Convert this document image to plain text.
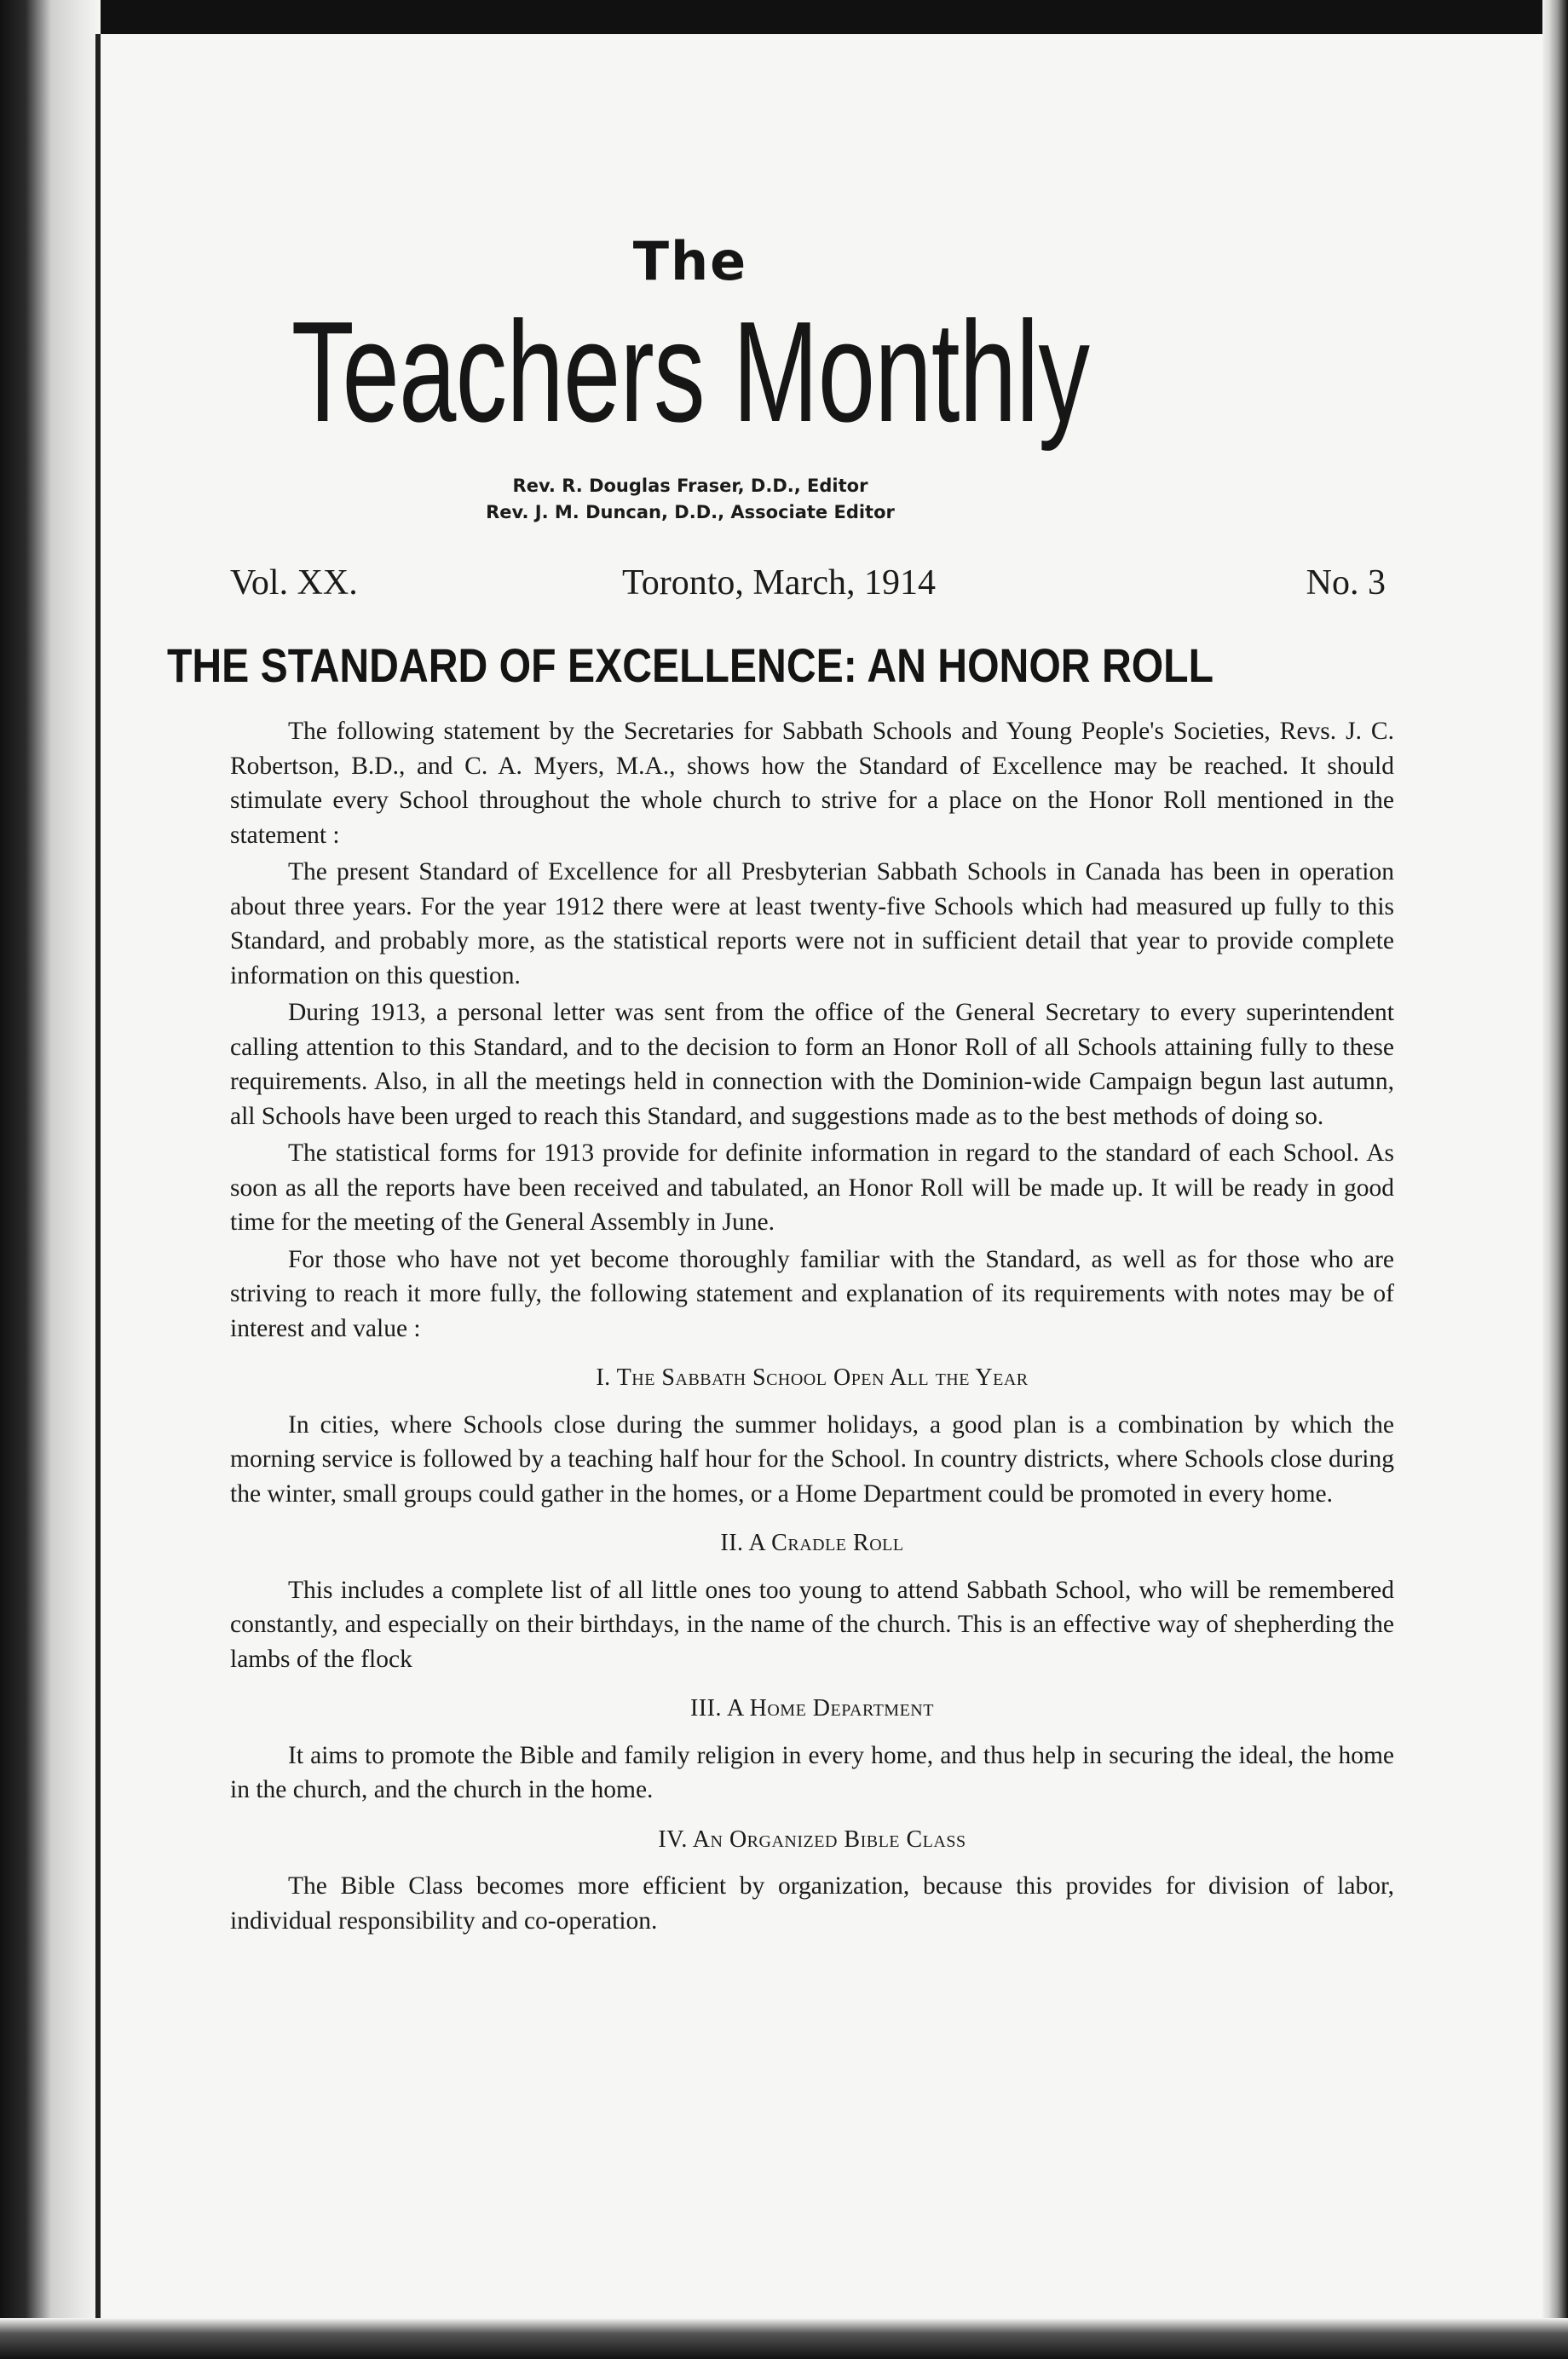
The
Teachers Monthly
Rev. R. Douglas Fraser, D.D., Editor
Rev. J. M. Duncan, D.D., Associate Editor
Vol. XX.	Toronto, March, 1914	No. 3
THE STANDARD OF EXCELLENCE: AN HONOR ROLL

The following statement by the Secretaries for Sabbath Schools and Young People's Societies, Revs. J. C. Robertson, B.D., and C. A. Myers, M.A., shows how the Standard of Excellence may be reached. It should stimulate every School throughout the whole church to strive for a place on the Honor Roll mentioned in the statement :

The present Standard of Excellence for all Presbyterian Sabbath Schools in Canada has been in operation about three years. For the year 1912 there were at least twenty-five Schools which had measured up fully to this Standard, and probably more, as the statistical reports were not in sufficient detail that year to provide complete information on this question.

During 1913, a personal letter was sent from the office of the General Secretary to every superintendent calling attention to this Standard, and to the decision to form an Honor Roll of all Schools attaining fully to these requirements. Also, in all the meetings held in connection with the Dominion-wide Campaign begun last autumn, all Schools have been urged to reach this Standard, and suggestions made as to the best methods of doing so.

The statistical forms for 1913 provide for definite information in regard to the standard of each School. As soon as all the reports have been received and tabulated, an Honor Roll will be made up. It will be ready in good time for the meeting of the General Assembly in June.

For those who have not yet become thoroughly familiar with the Standard, as well as for those who are striving to reach it more fully, the following statement and explanation of its requirements with notes may be of interest and value :

I. The Sabbath School Open All the Year

In cities, where Schools close during the summer holidays, a good plan is a combination by which the morning service is followed by a teaching half hour for the School. In country districts, where Schools close during the winter, small groups could gather in the homes, or a Home Department could be promoted in every home.

II. A Cradle Roll

This includes a complete list of all little ones too young to attend Sabbath School, who will be remembered constantly, and especially on their birthdays, in the name of the church. This is an effective way of shepherding the lambs of the flock

III. A Home Department

It aims to promote the Bible and family religion in every home, and thus help in securing the ideal, the home in the church, and the church in the home.

IV. An Organized Bible Class

The Bible Class becomes more efficient by organization, because this provides for division of labor, individual responsibility and co-operation.
